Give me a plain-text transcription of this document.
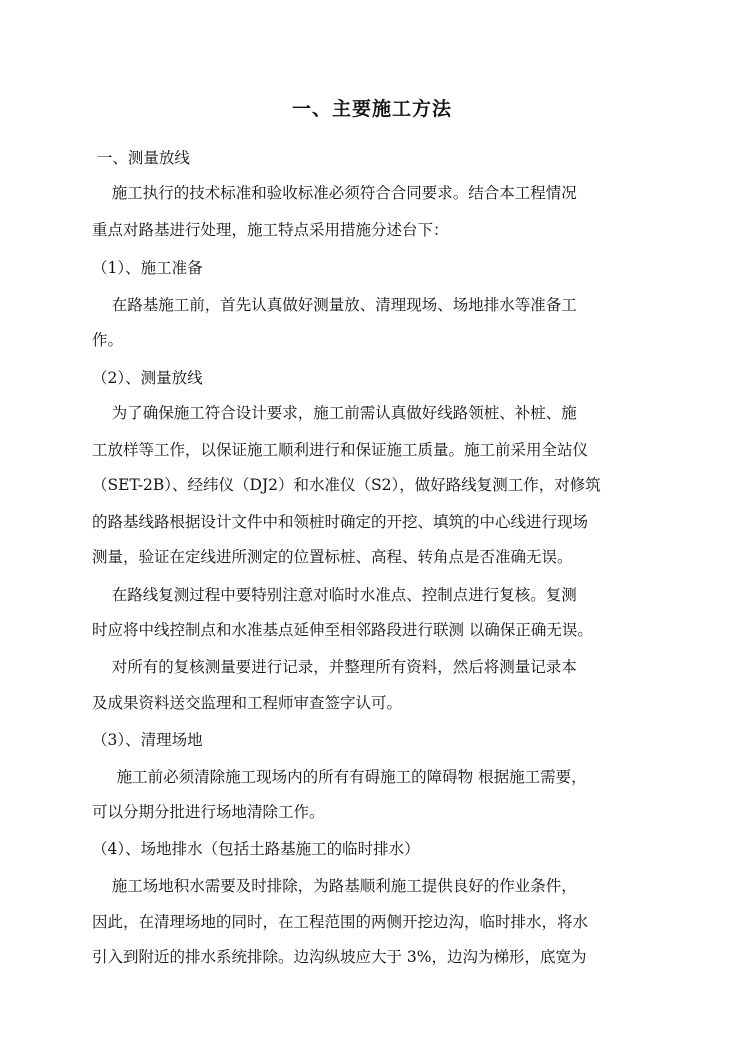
一、主要施工方法
一、测量放线
施工执行的技术标准和验收标准必须符合合同要求。结合本工程情况
重点对路基进行处理，施工特点采用措施分述台下：
（1）、施工准备
在路基施工前，首先认真做好测量放、清理现场、场地排水等准备工
作。
（2）、测量放线
为了确保施工符合设计要求，施工前需认真做好线路领桩、补桩、施
工放样等工作，以保证施工顺利进行和保证施工质量。施工前采用全站仪
（SET-2B）、经纬仪（DJ2）和水准仪（S2），做好路线复测工作，对修筑
的路基线路根据设计文件中和领桩时确定的开挖、填筑的中心线进行现场
测量，验证在定线进所测定的位置标桩、高程、转角点是否准确无误。
在路线复测过程中要特别注意对临时水准点、控制点进行复核。复测
时应将中线控制点和水准基点延伸至相邻路段进行联测 以确保正确无误。
对所有的复核测量要进行记录，并整理所有资料，然后将测量记录本
及成果资料送交监理和工程师审查签字认可。
（3）、清理场地
施工前必须清除施工现场内的所有有碍施工的障碍物 根据施工需要，
可以分期分批进行场地清除工作。
（4）、场地排水（包括土路基施工的临时排水）
施工场地积水需要及时排除，为路基顺利施工提供良好的作业条件，
因此，在清理场地的同时，在工程范围的两侧开挖边沟，临时排水，将水
引入到附近的排水系统排除。边沟纵坡应大于 3%，边沟为梯形，底宽为
